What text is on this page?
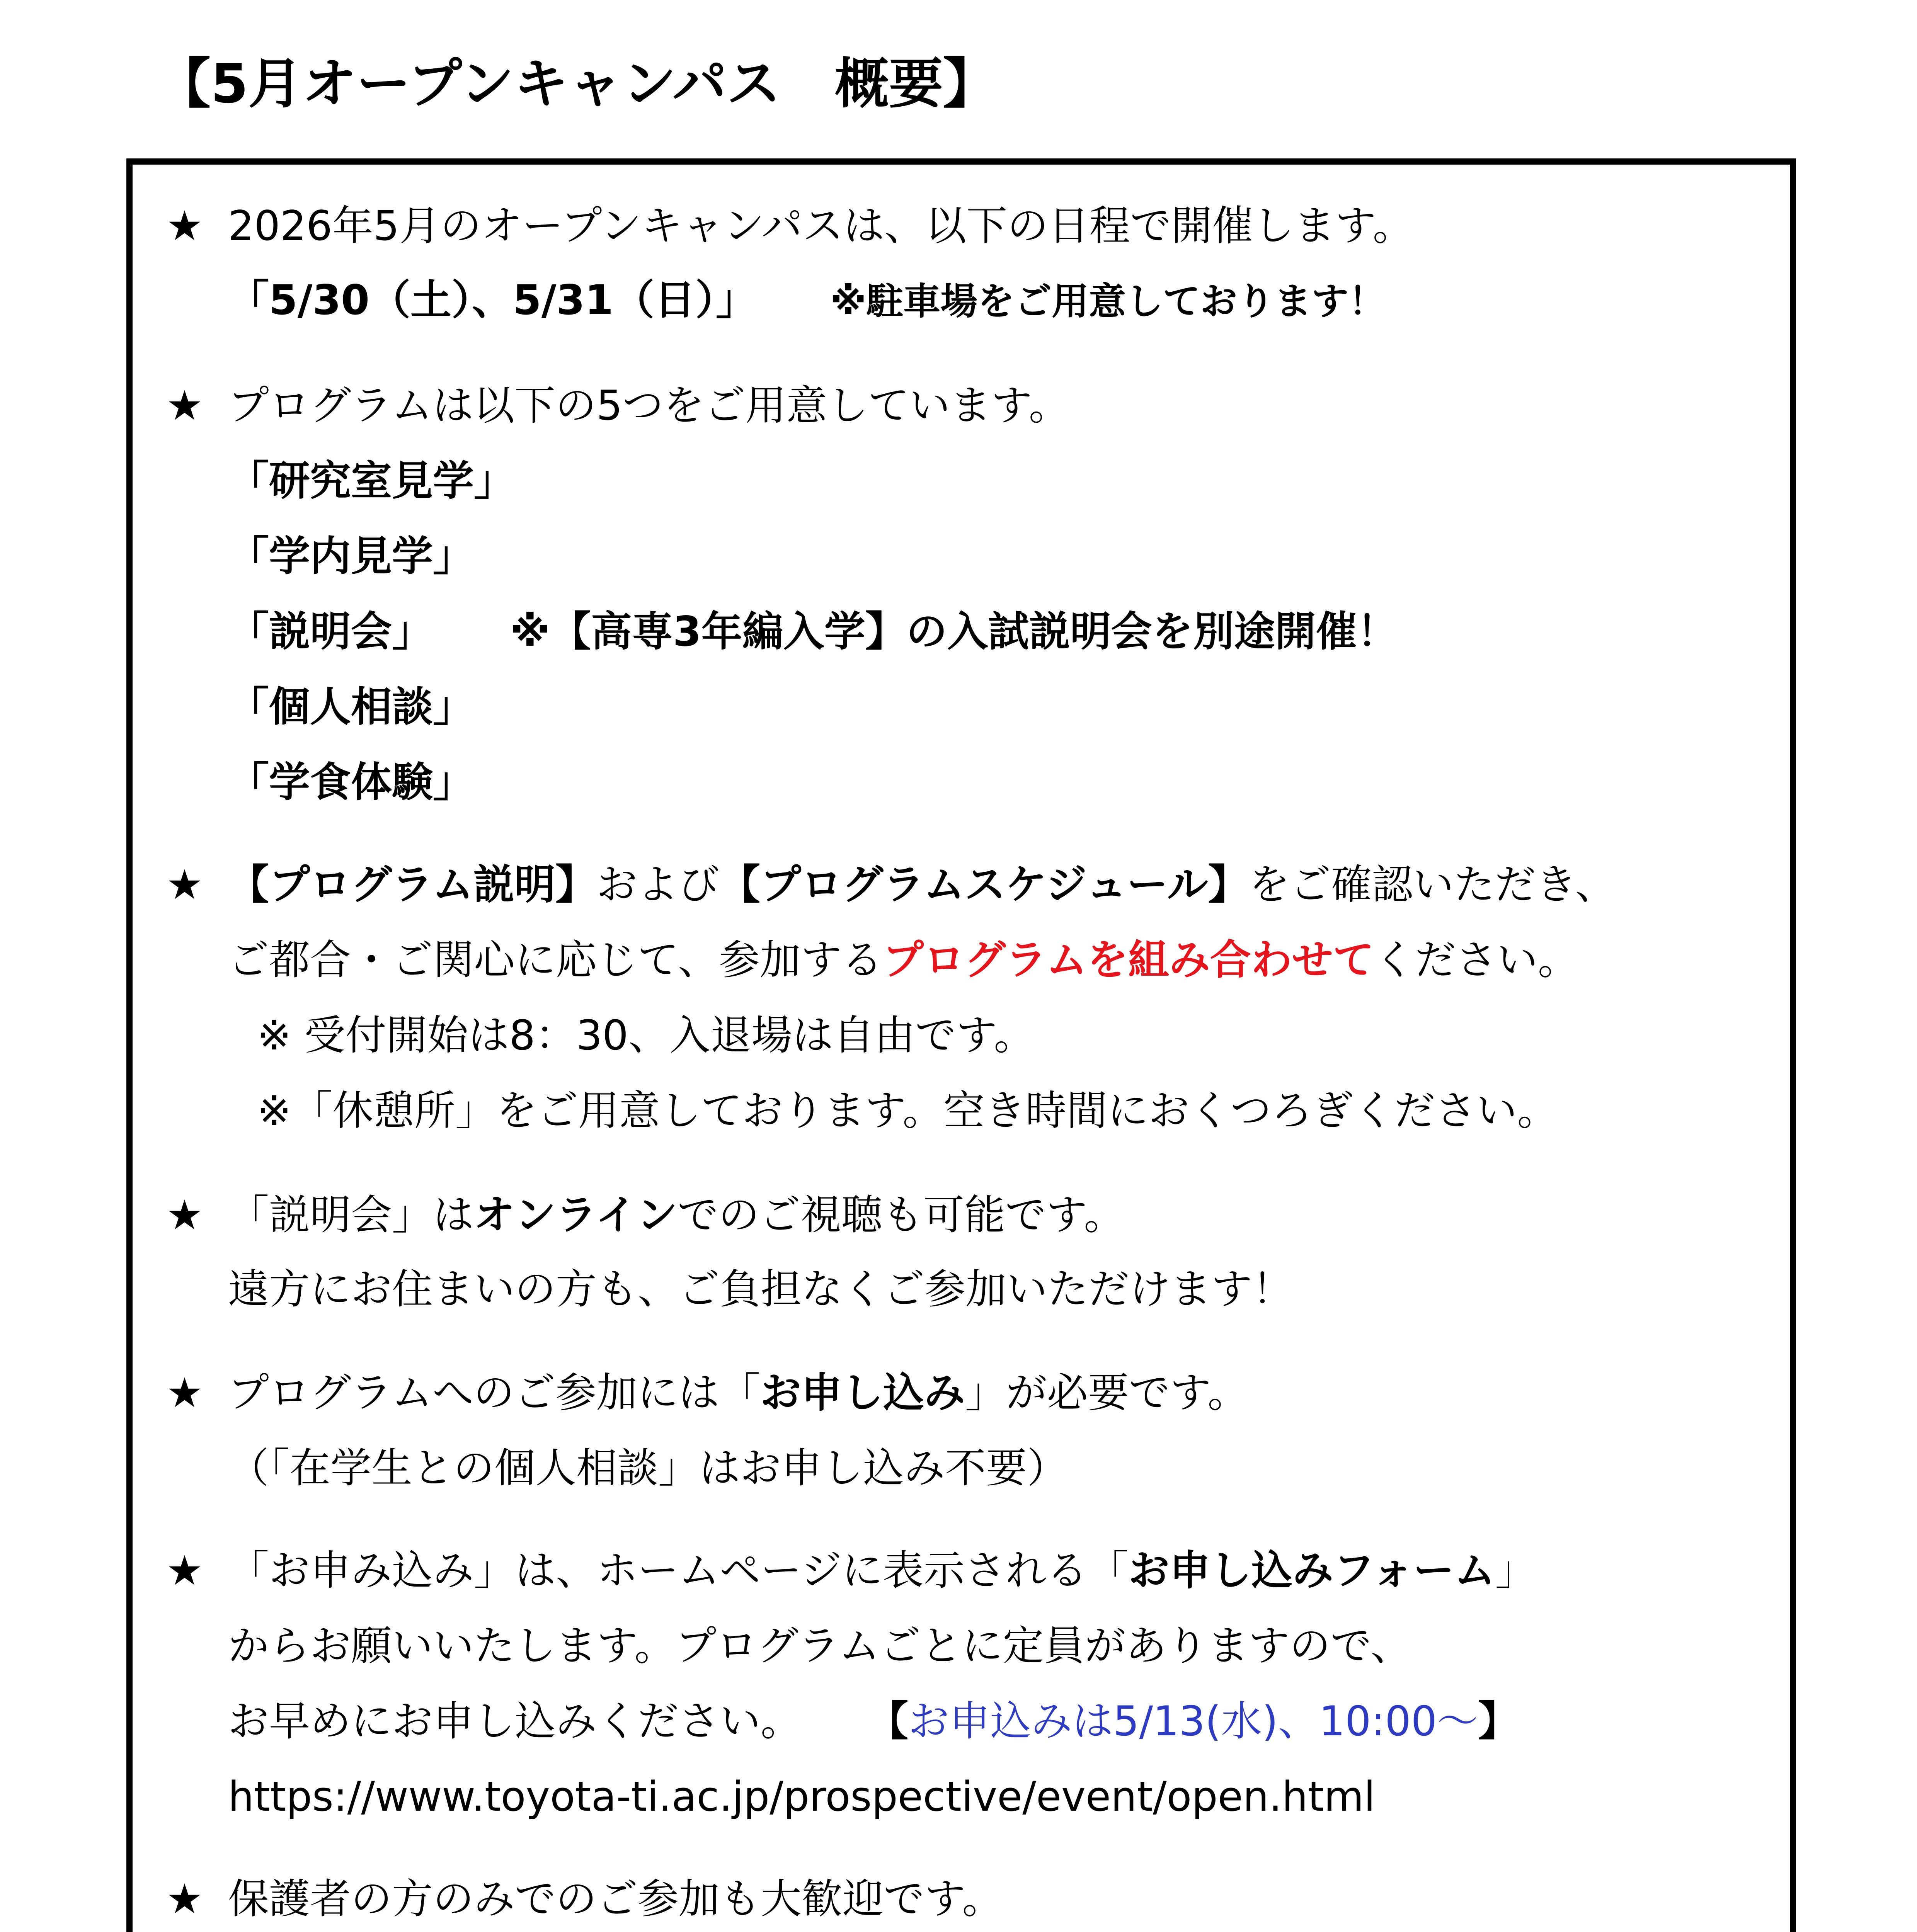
【5月オープンキャンパス　概要】
★ 2026年5月のオープンキャンパスは、以下の日程で開催します。
「5/30（土）、5/31（日）」 ※駐車場をご用意しております！
★ プログラムは以下の5つをご用意しています。
「研究室見学」
「学内見学」
「説明会」 ※【高専3年編入学】の入試説明会を別途開催！
「個人相談」
「学食体験」
★ 【プログラム説明】および【プログラムスケジュール】をご確認いただき、
ご都合・ご関心に応じて、参加するプログラムを組み合わせてください。
※ 受付開始は8：30、入退場は自由です。
※「休憩所」をご用意しております。空き時間におくつろぎください。
★ 「説明会」はオンラインでのご視聴も可能です。
遠方にお住まいの方も、ご負担なくご参加いただけます！
★ プログラムへのご参加には「お申し込み」が必要です。
（「在学生との個人相談」はお申し込み不要）
★ 「お申み込み」は、ホームページに表示される「お申し込みフォーム」
からお願いいたします。プログラムごとに定員がありますので、
お早めにお申し込みください。 【お申込みは5/13(水)、10:00〜】
https://www.toyota-ti.ac.jp/prospective/event/open.html
★ 保護者の方のみでのご参加も大歓迎です。
